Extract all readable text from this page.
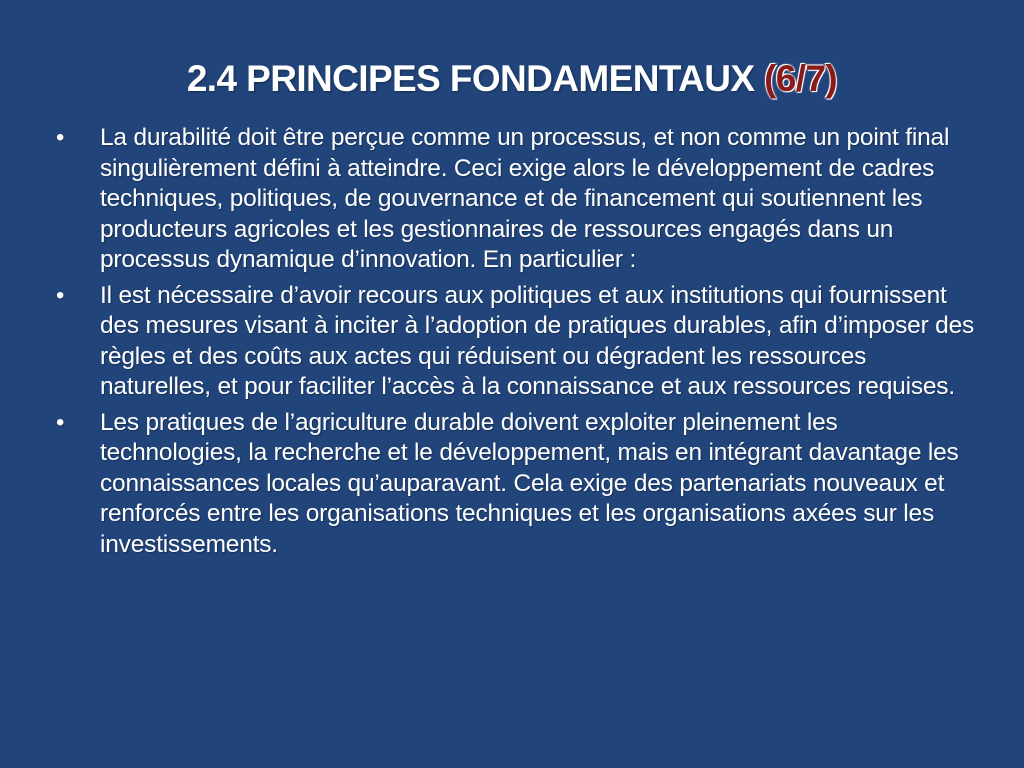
2.4 PRINCIPES FONDAMENTAUX (6/7)
• La durabilité doit être perçue comme un processus, et non comme un point final singulièrement défini à atteindre. Ceci exige alors le développement de cadres techniques, politiques, de gouvernance et de financement qui soutiennent les producteurs agricoles et les gestionnaires de ressources engagés dans un processus dynamique d’innovation. En particulier :
• Il est nécessaire d’avoir recours aux politiques et aux institutions qui fournissent des mesures visant à inciter à l’adoption de pratiques durables, afin d’imposer des règles et des coûts aux actes qui réduisent ou dégradent les ressources naturelles, et pour faciliter l’accès à la connaissance et aux ressources requises.
• Les pratiques de l’agriculture durable doivent exploiter pleinement les technologies, la recherche et le développement, mais en intégrant davantage les connaissances locales qu’auparavant. Cela exige des partenariats nouveaux et renforcés entre les organisations techniques et les organisations axées sur les investissements.
